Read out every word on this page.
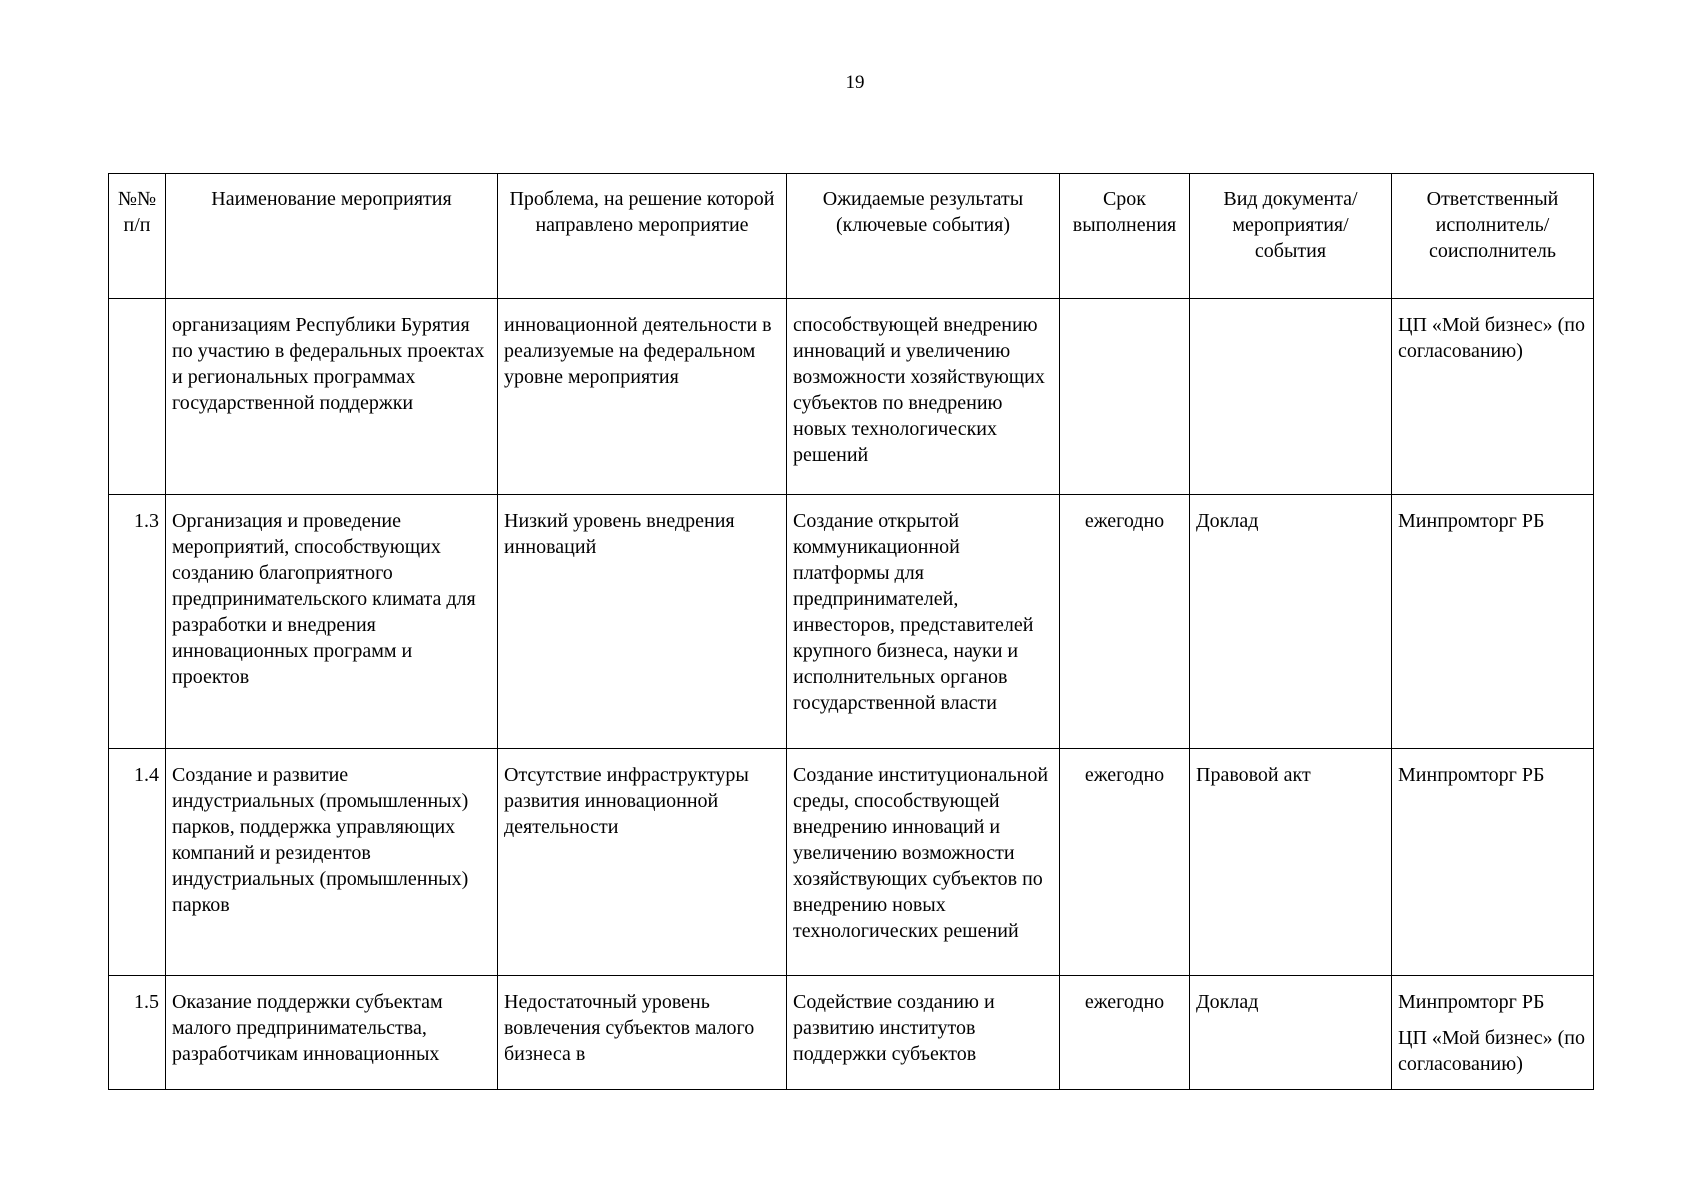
19
№№ п/п	Наименование мероприятия	Проблема, на решение которой направлено мероприятие	Ожидаемые результаты (ключевые события)	Срок выполнения	Вид документа/ мероприятия/ события	Ответственный исполнитель/ соисполнитель
	организациям Республики Бурятия по участию в федеральных проектах и региональных программах государственной поддержки	инновационной деятельности в реализуемые на федеральном уровне мероприятия	способствующей внедрению инноваций и увеличению возможности хозяйствующих субъектов по внедрению новых технологических решений			ЦП «Мой бизнес» (по согласованию)

1.3	Организация и проведение мероприятий, способствующих созданию благоприятного предпринимательского климата для разработки и внедрения инновационных программ и проектов	Низкий уровень внедрения инноваций	Создание открытой коммуникационной платформы для предпринимателей, инвесторов, представителей крупного бизнеса, науки и исполнительных органов государственной власти	ежегодно	Доклад	Минпромторг РБ

1.4	Создание и развитие индустриальных (промышленных) парков, поддержка управляющих компаний и резидентов индустриальных (промышленных) парков	Отсутствие инфраструктуры развития инновационной деятельности	Создание институциональной среды, способствующей внедрению инноваций и увеличению возможности хозяйствующих субъектов по внедрению новых технологических решений	ежегодно	Правовой акт	Минпромторг РБ

1.5	Оказание поддержки субъектам малого предпринимательства, разработчикам инновационных	Недостаточный уровень вовлечения субъектов малого бизнеса в	Содействие созданию и развитию институтов поддержки субъектов	ежегодно	Доклад	Минпромторг РБ
ЦП «Мой бизнес» (по согласованию)
